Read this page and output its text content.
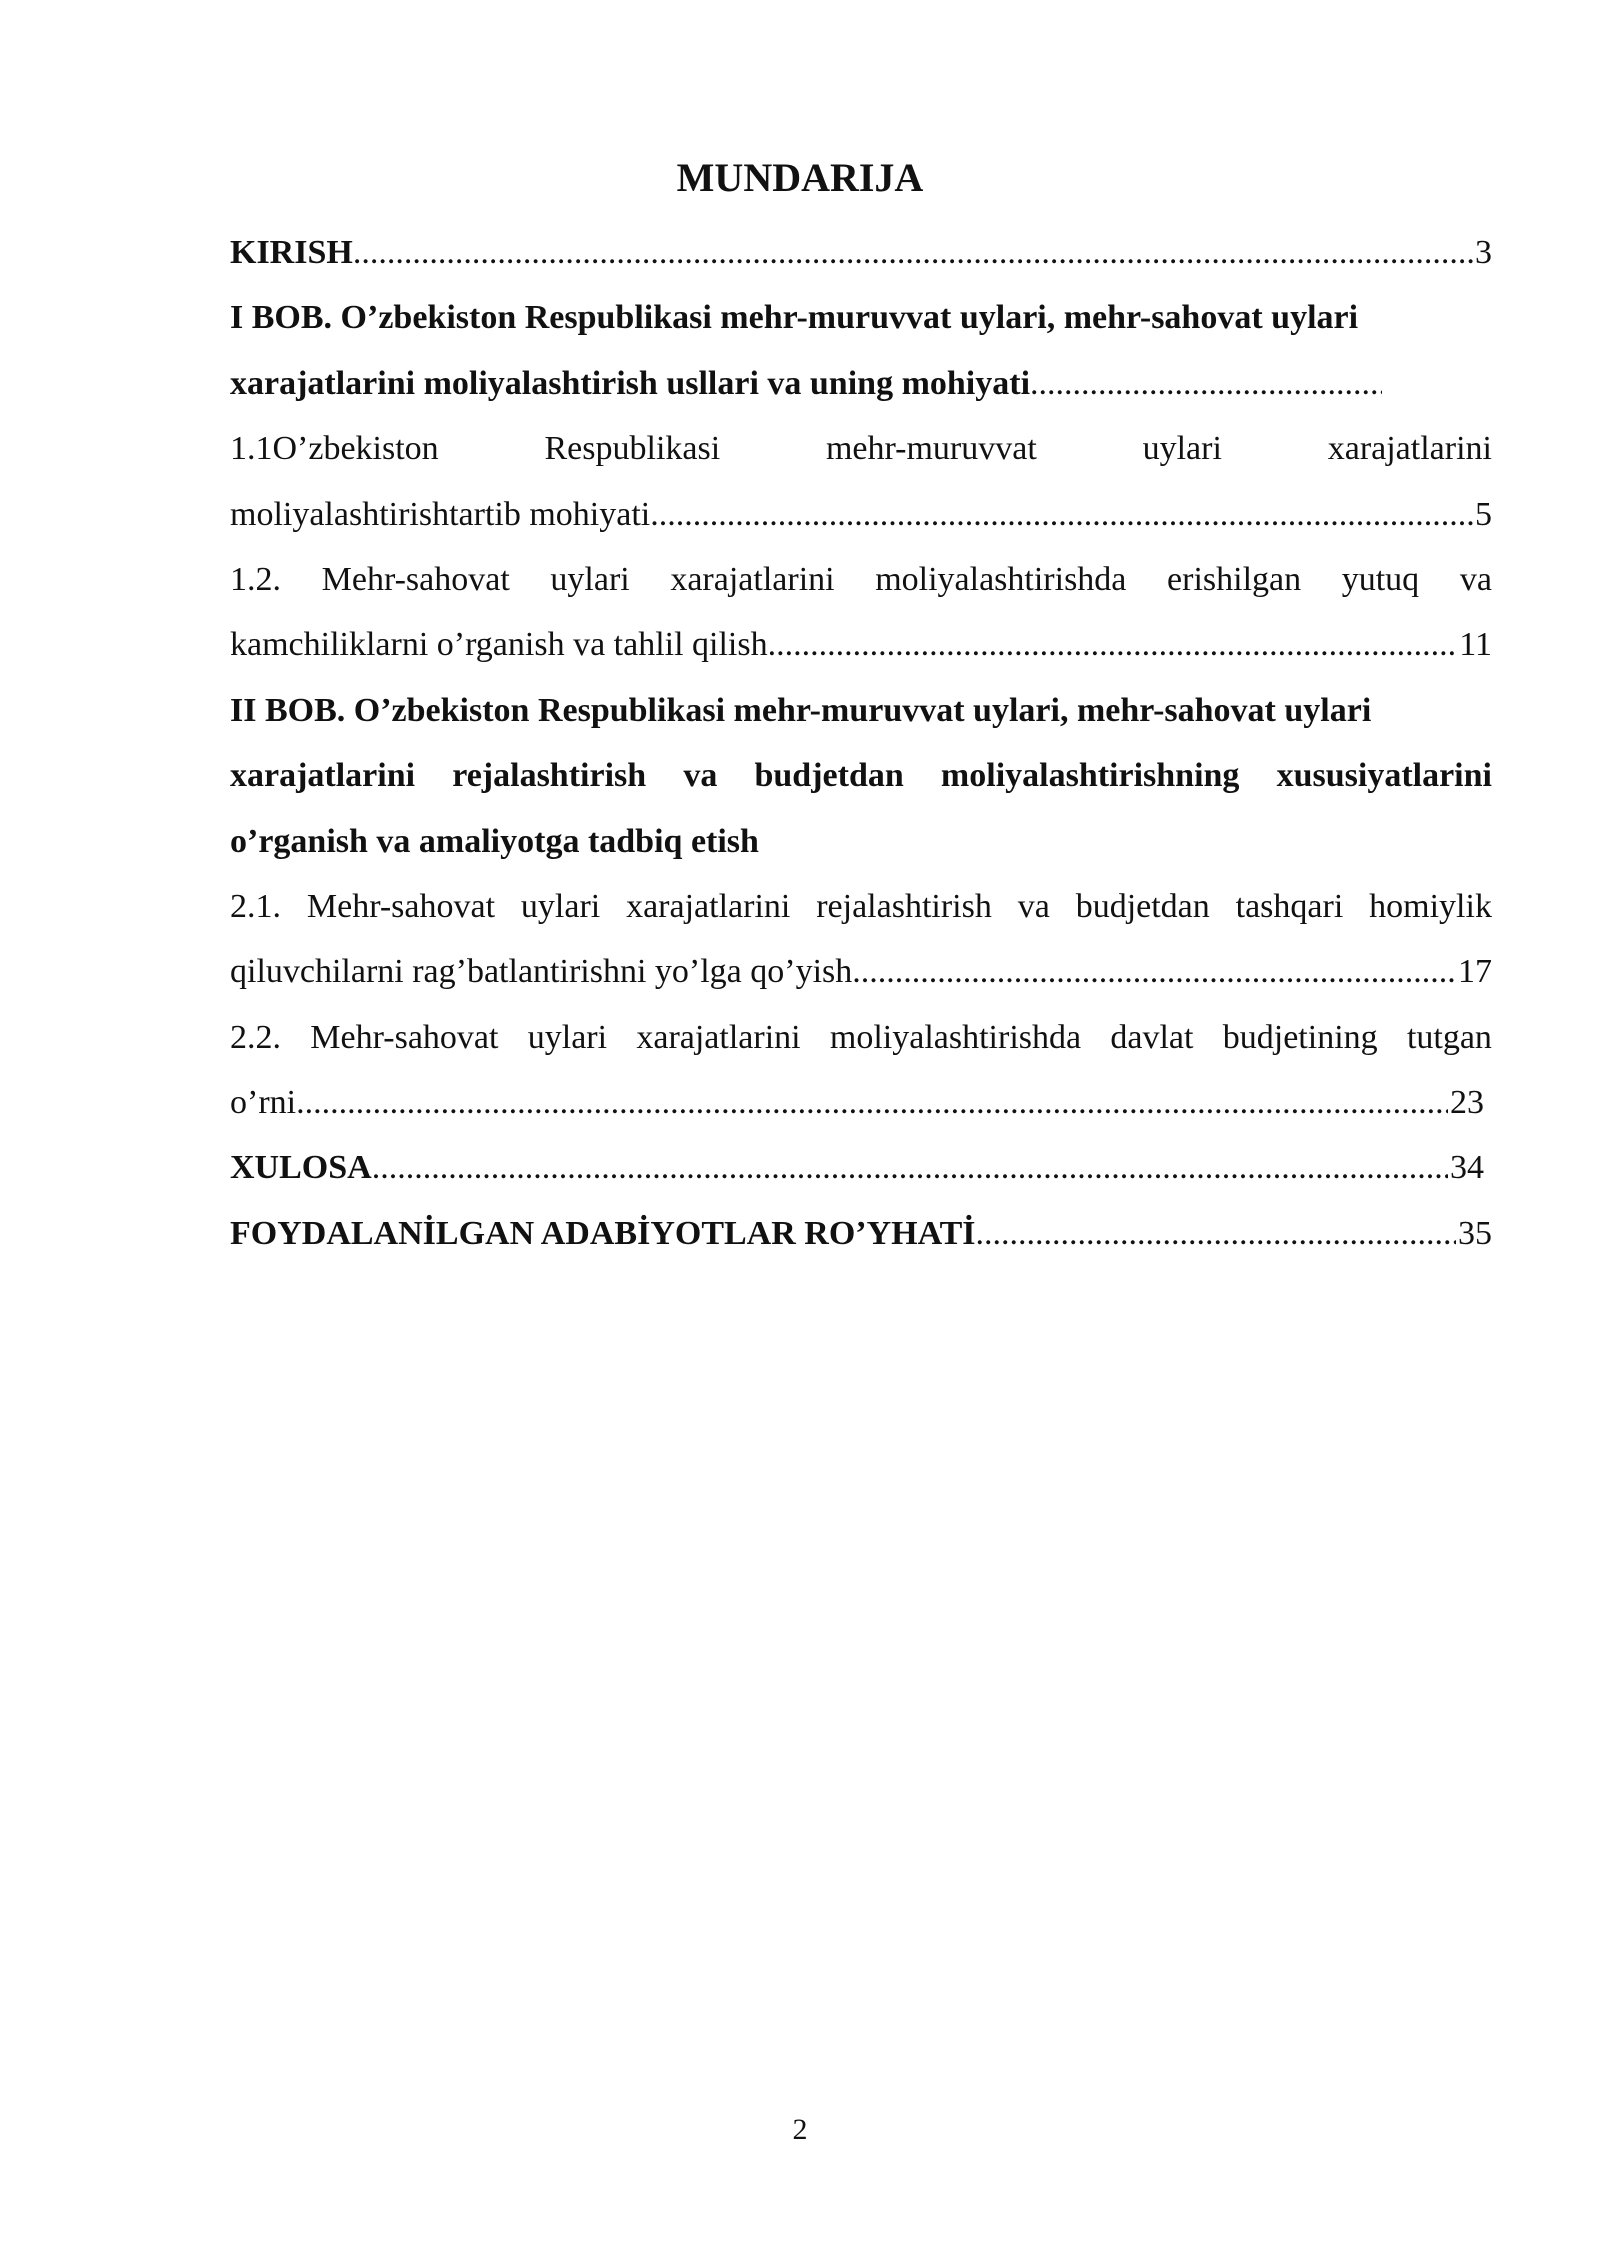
MUNDARIJA
KIRISH .....	3
I BOB. O’zbekiston Respublikasi mehr-muruvvat uylari, mehr-sahovat uylari
xarajatlarini moliyalashtirish usllari va uning mohiyati
.....
1.1O’zbekiston	Respublikasi	mehr-muruvvat	uylari	xarajatlarini
moliyalashtirishtartib mohiyati .....	5
1.2. Mehr-sahovat uylari xarajatlarini moliyalashtirishda erishilgan yutuq va
kamchiliklarni o’rganish va tahlil qilish .....	11
II BOB. O’zbekiston Respublikasi mehr-muruvvat uylari, mehr-sahovat uylari
xarajatlarini rejalashtirish va budjetdan moliyalashtirishning xususiyatlarini
o’rganish va amaliyotga tadbiq etish
2.1. Mehr-sahovat uylari xarajatlarini rejalashtirish va budjetdan tashqari homiylik
qiluvchilarni rag’batlantirishni yo’lga qo’yish .....	17
2.2. Mehr-sahovat uylari xarajatlarini moliyalashtirishda davlat budjetining tutgan
o’rni .....	23
XULOSA .....	34
FOYDALANİLGAN ADABİYOTLAR RO’YHATİ .....	35
2
